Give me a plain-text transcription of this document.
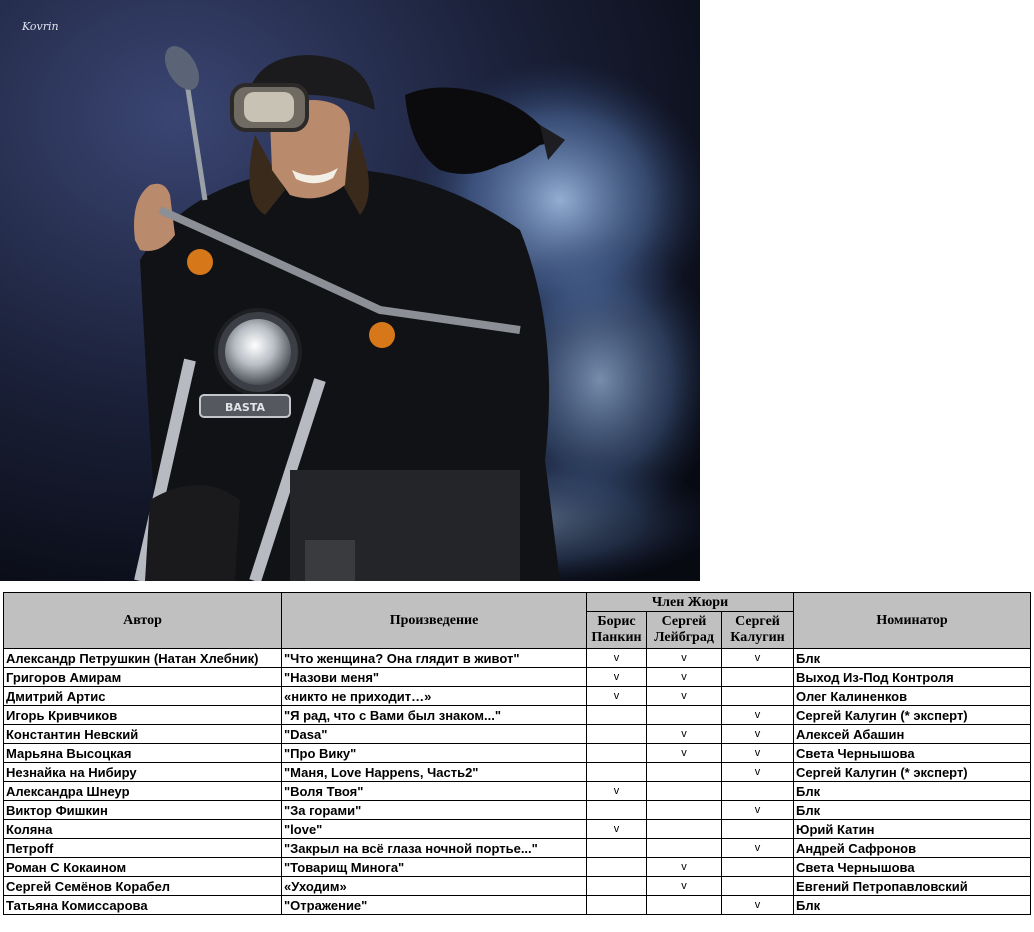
BASTA
Kovrin
Автор	Произведение	Член Жюри			Номинатор
		Борис Панкин	Сергей Лейбград	Сергей Калугин	
Александр Петрушкин (Натан Хлебник)	"Что женщина? Она глядит в живот"	v	v	v	Блк
Григоров Амирам	"Назови меня"	v	v		Выход Из-Под Контроля
Дмитрий Артис	«никто не приходит…»	v	v		Олег Калиненков
Игорь Кривчиков	"Я рад, что с Вами был знаком..."			v	Сергей Калугин (* эксперт)
Константин Невский	"Dasa"		v	v	Алексей Абашин
Марьяна Высоцкая	"Про Вику"		v	v	Света Чернышова
Незнайка на Нибиру	"Маня, Love Happens, Часть2"			v	Сергей Калугин (* эксперт)
Александра Шнеур	"Воля Твоя"	v			Блк
Виктор Фишкин	"За горами"			v	Блк
Коляна	"love"	v			Юрий Катин
Петроff	"Закрыл на всё глаза ночной портье..."			v	Андрей Сафронов
Роман С Кокаином	"Товарищ Минога"		v		Света Чернышова
Сергей Семёнов Корабел	«Уходим»		v		Евгений Петропавловский
Татьяна Комиссарова	"Отражение"			v	Блк
